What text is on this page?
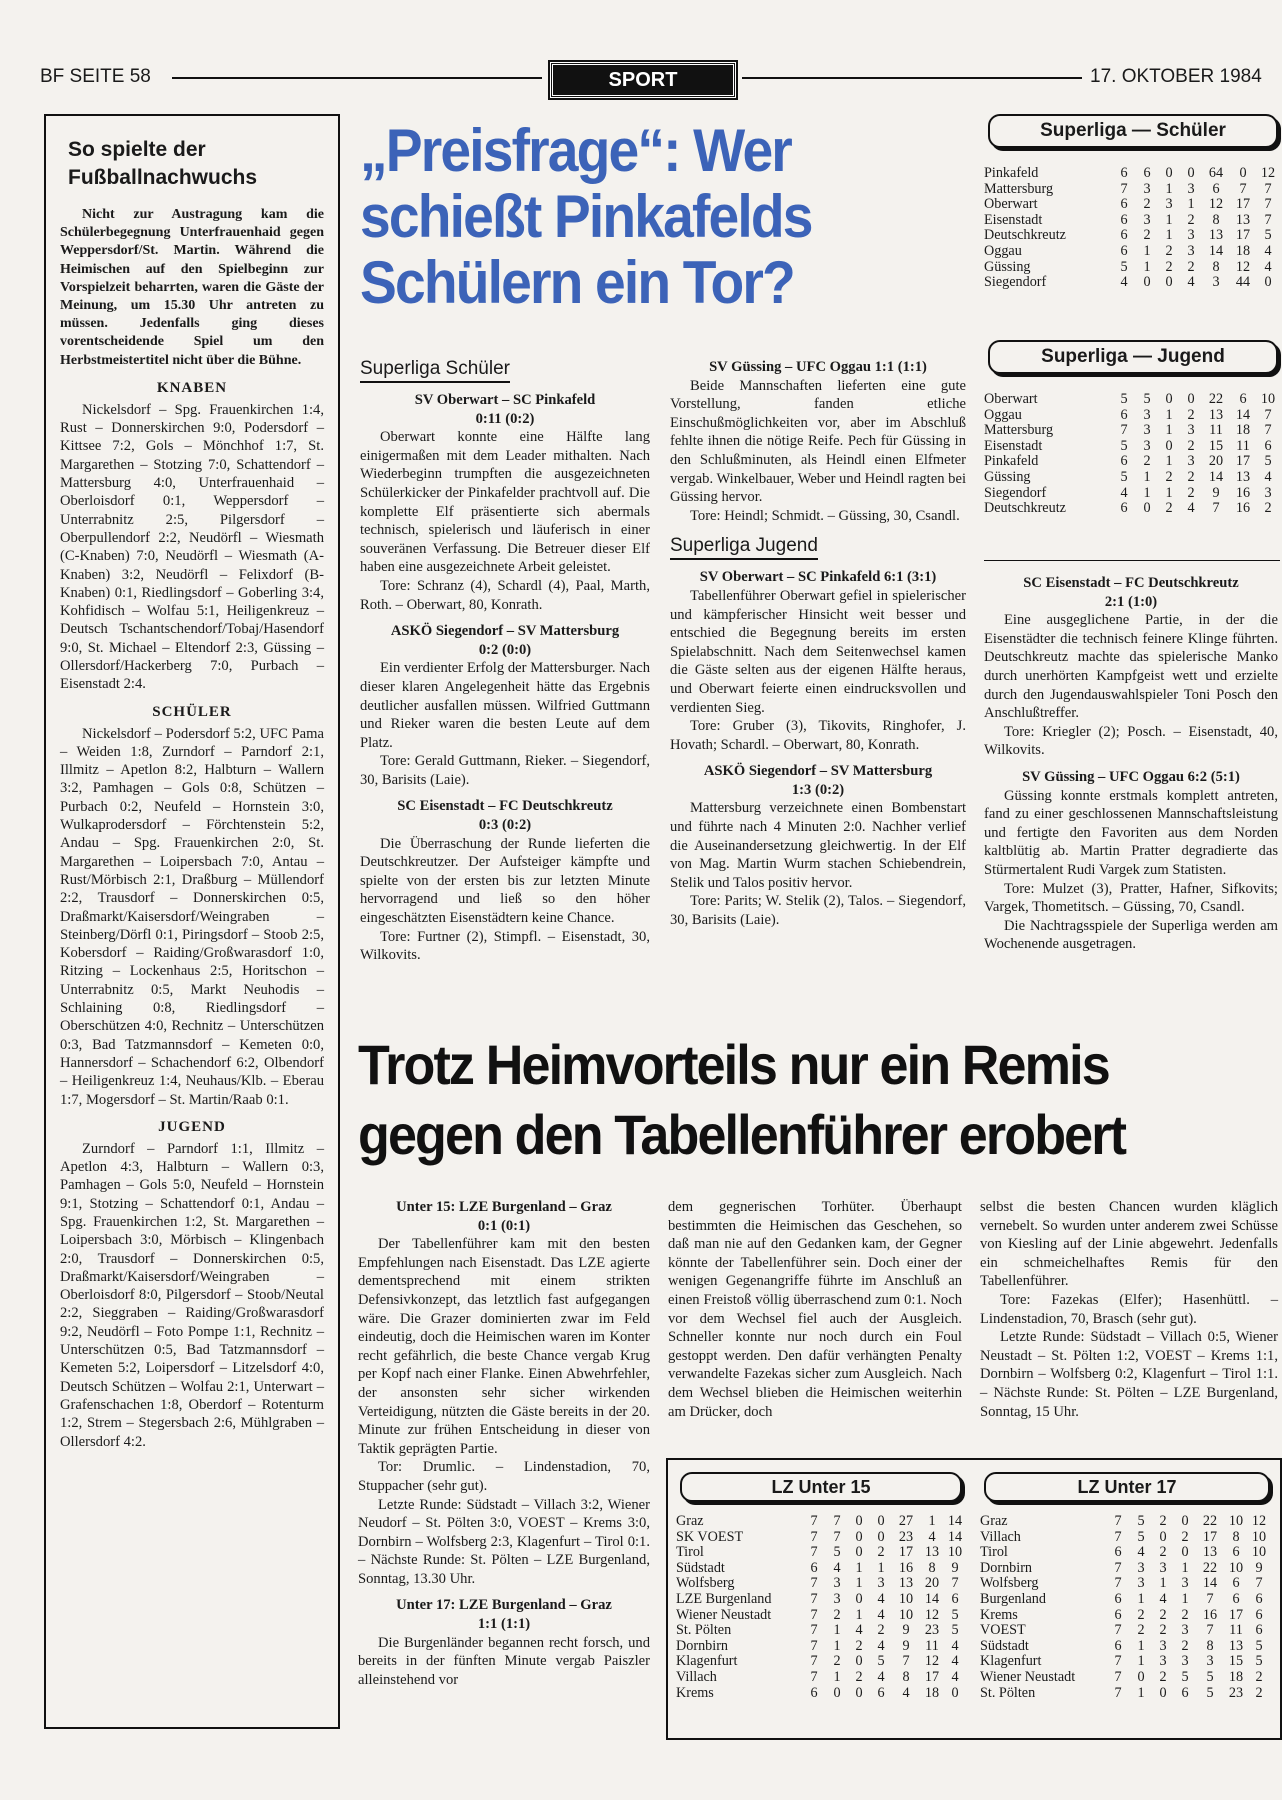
BF SEITE 58	SPORT	17. OKTOBER 1984
So spielte der
Fußballnachwuchs

Nicht zur Austragung kam die Schülerbegegnung Unterfrauenhaid gegen Weppersdorf/St. Martin. Während die Heimischen auf den Spielbeginn zur Vorspielzeit beharrten, waren die Gäste der Meinung, um 15.30 Uhr antreten zu müssen. Jedenfalls ging dieses vorentscheidende Spiel um den Herbstmeistertitel nicht über die Bühne.

KNABEN

Nickelsdorf – Spg. Frauenkirchen 1:4, Rust – Donnerskirchen 9:0, Podersdorf – Kittsee 7:2, Gols – Mönchhof 1:7, St. Margarethen – Stotzing 7:0, Schattendorf – Mattersburg 4:0, Unterfrauenhaid – Oberloisdorf 0:1, Weppersdorf – Unterrabnitz 2:5, Pilgersdorf – Oberpullendorf 2:2, Neudörfl – Wiesmath (C-Knaben) 7:0, Neudörfl – Wiesmath (A-Knaben) 3:2, Neudörfl – Felixdorf (B-Knaben) 0:1, Riedlingsdorf – Goberling 3:4, Kohfidisch – Wolfau 5:1, Heiligenkreuz – Deutsch Tschantschendorf/Tobaj/Hasendorf 9:0, St. Michael – Eltendorf 2:3, Güssing – Ollersdorf/Hackerberg 7:0, Purbach – Eisenstadt 2:4.

SCHÜLER

Nickelsdorf – Podersdorf 5:2, UFC Pama – Weiden 1:8, Zurndorf – Parndorf 2:1, Illmitz – Apetlon 8:2, Halbturn – Wallern 3:2, Pamhagen – Gols 0:8, Schützen – Purbach 0:2, Neufeld – Hornstein 3:0, Wulkaprodersdorf – Förchtenstein 5:2, Andau – Spg. Frauenkirchen 2:0, St. Margarethen – Loipersbach 7:0, Antau – Rust/Mörbisch 2:1, Draßburg – Müllendorf 2:2, Trausdorf – Donnerskirchen 0:5, Draßmarkt/Kaisersdorf/Weingraben – Steinberg/Dörfl 0:1, Piringsdorf – Stoob 2:5, Kobersdorf – Raiding/Großwarasdorf 1:0, Ritzing – Lockenhaus 2:5, Horitschon – Unterrabnitz 0:5, Markt Neuhodis – Schlaining 0:8, Riedlingsdorf – Oberschützen 4:0, Rechnitz – Unterschützen 0:3, Bad Tatzmannsdorf – Kemeten 0:0, Hannersdorf – Schachendorf 6:2, Olbendorf – Heiligenkreuz 1:4, Neuhaus/Klb. – Eberau 1:7, Mogersdorf – St. Martin/Raab 0:1.

JUGEND

Zurndorf – Parndorf 1:1, Illmitz – Apetlon 4:3, Halbturn – Wallern 0:3, Pamhagen – Gols 5:0, Neufeld – Hornstein 9:1, Stotzing – Schattendorf 0:1, Andau – Spg. Frauenkirchen 1:2, St. Margarethen – Loipersbach 3:0, Mörbisch – Klingenbach 2:0, Trausdorf – Donnerskirchen 0:5, Draßmarkt/Kaisersdorf/Weingraben – Oberloisdorf 8:0, Pilgersdorf – Stoob/Neutal 2:2, Sieggraben – Raiding/Großwarasdorf 9:2, Neudörfl – Foto Pompe 1:1, Rechnitz – Unterschützen 0:5, Bad Tatzmannsdorf – Kemeten 5:2, Loipersdorf – Litzelsdorf 4:0, Deutsch Schützen – Wolfau 2:1, Unterwart – Grafenschachen 1:8, Oberdorf – Rotenturm 1:2, Strem – Stegersbach 2:6, Mühlgraben – Ollersdorf 4:2.

„Preisfrage“: Wer
schießt Pinkafelds
Schülern ein Tor?
Superliga Schüler
SV Oberwart – SC Pinkafeld
0:11 (0:2)

Oberwart konnte eine Hälfte lang einigermaßen mit dem Leader mithalten. Nach Wiederbeginn trumpften die ausgezeichneten Schülerkicker der Pinkafelder prachtvoll auf. Die komplette Elf präsentierte sich abermals technisch, spielerisch und läuferisch in einer souveränen Verfassung. Die Betreuer dieser Elf haben eine ausgezeichnete Arbeit geleistet.

Tore: Schranz (4), Schardl (4), Paal, Marth, Roth. – Oberwart, 80, Konrath.

ASKÖ Siegendorf – SV Mattersburg
0:2 (0:0)

Ein verdienter Erfolg der Mattersburger. Nach dieser klaren Angelegenheit hätte das Ergebnis deutlicher ausfallen müssen. Wilfried Guttmann und Rieker waren die besten Leute auf dem Platz.

Tore: Gerald Guttmann, Rieker. – Siegendorf, 30, Barisits (Laie).

SC Eisenstadt – FC Deutschkreutz
0:3 (0:2)

Die Überraschung der Runde lieferten die Deutschkreutzer. Der Aufsteiger kämpfte und spielte von der ersten bis zur letzten Minute hervorragend und ließ so den höher eingeschätzten Eisenstädtern keine Chance.

Tore: Furtner (2), Stimpfl. – Eisenstadt, 30, Wilkovits.

SV Güssing – UFC Oggau 1:1 (1:1)

Beide Mannschaften lieferten eine gute Vorstellung, fanden etliche Einschußmöglichkeiten vor, aber im Abschluß fehlte ihnen die nötige Reife. Pech für Güssing in den Schlußminuten, als Heindl einen Elfmeter vergab. Winkelbauer, Weber und Heindl ragten bei Güssing hervor.

Tore: Heindl; Schmidt. – Güssing, 30, Csandl.

Superliga Jugend
SV Oberwart – SC Pinkafeld 6:1 (3:1)

Tabellenführer Oberwart gefiel in spielerischer und kämpferischer Hinsicht weit besser und entschied die Begegnung bereits im ersten Spielabschnitt. Nach dem Seitenwechsel kamen die Gäste selten aus der eigenen Hälfte heraus, und Oberwart feierte einen eindrucksvollen und verdienten Sieg.

Tore: Gruber (3), Tikovits, Ringhofer, J. Hovath; Schardl. – Oberwart, 80, Konrath.

ASKÖ Siegendorf – SV Mattersburg
1:3 (0:2)

Mattersburg verzeichnete einen Bombenstart und führte nach 4 Minuten 2:0. Nachher verlief die Auseinandersetzung gleichwertig. In der Elf von Mag. Martin Wurm stachen Schiebendrein, Stelik und Talos positiv hervor.

Tore: Parits; W. Stelik (2), Talos. – Siegendorf, 30, Barisits (Laie).

Superliga — Schüler
Pinkafeld	6	6	0	0	64	0	12
Mattersburg	7	3	1	3	6	7	7
Oberwart	6	2	3	1	12	17	7
Eisenstadt	6	3	1	2	8	13	7
Deutschkreutz	6	2	1	3	13	17	5
Oggau	6	1	2	3	14	18	4
Güssing	5	1	2	2	8	12	4
Siegendorf	4	0	0	4	3	44	0
Superliga — Jugend
Oberwart	5	5	0	0	22	6	10
Oggau	6	3	1	2	13	14	7
Mattersburg	7	3	1	3	11	18	7
Eisenstadt	5	3	0	2	15	11	6
Pinkafeld	6	2	1	3	20	17	5
Güssing	5	1	2	2	14	13	4
Siegendorf	4	1	1	2	9	16	3
Deutschkreutz	6	0	2	4	7	16	2
SC Eisenstadt – FC Deutschkreutz
2:1 (1:0)

Eine ausgeglichene Partie, in der die Eisenstädter die technisch feinere Klinge führten. Deutschkreutz machte das spielerische Manko durch unerhörten Kampfgeist wett und erzielte durch den Jugendauswahlspieler Toni Posch den Anschlußtreffer.

Tore: Kriegler (2); Posch. – Eisenstadt, 40, Wilkovits.

SV Güssing – UFC Oggau 6:2 (5:1)

Güssing konnte erstmals komplett antreten, fand zu einer geschlossenen Mannschaftsleistung und fertigte den Favoriten aus dem Norden kaltblütig ab. Martin Pratter degradierte das Stürmertalent Rudi Vargek zum Statisten.

Tore: Mulzet (3), Pratter, Hafner, Sifkovits; Vargek, Thometitsch. – Güssing, 70, Csandl.

Die Nachtragsspiele der Superliga werden am Wochenende ausgetragen.

Trotz Heimvorteils nur ein Remis
gegen den Tabellenführer erobert
Unter 15: LZE Burgenland – Graz
0:1 (0:1)

Der Tabellenführer kam mit den besten Empfehlungen nach Eisenstadt. Das LZE agierte dementsprechend mit einem strikten Defensivkonzept, das letztlich fast aufgegangen wäre. Die Grazer dominierten zwar im Feld eindeutig, doch die Heimischen waren im Konter recht gefährlich, die beste Chance vergab Krug per Kopf nach einer Flanke. Einen Abwehrfehler, der ansonsten sehr sicher wirkenden Verteidigung, nützten die Gäste bereits in der 20. Minute zur frühen Entscheidung in dieser von Taktik geprägten Partie.

Tor: Drumlic. – Lindenstadion, 70, Stuppacher (sehr gut).

Letzte Runde: Südstadt – Villach 3:2, Wiener Neudorf – St. Pölten 3:0, VOEST – Krems 3:0, Dornbirn – Wolfsberg 2:3, Klagenfurt – Tirol 0:1. – Nächste Runde: St. Pölten – LZE Burgenland, Sonntag, 13.30 Uhr.

Unter 17: LZE Burgenland – Graz
1:1 (1:1)

Die Burgenländer begannen recht forsch, und bereits in der fünften Minute vergab Paiszler alleinstehend vor

dem gegnerischen Torhüter. Überhaupt bestimmten die Heimischen das Geschehen, so daß man nie auf den Gedanken kam, der Gegner könnte der Tabellenführer sein. Doch einer der wenigen Gegenangriffe führte im Anschluß an einen Freistoß völlig überraschend zum 0:1. Noch vor dem Wechsel fiel auch der Ausgleich. Schneller konnte nur noch durch ein Foul gestoppt werden. Den dafür verhängten Penalty verwandelte Fazekas sicher zum Ausgleich. Nach dem Wechsel blieben die Heimischen weiterhin am Drücker, doch

selbst die besten Chancen wurden kläglich vernebelt. So wurden unter anderem zwei Schüsse von Kiesling auf der Linie abgewehrt. Jedenfalls ein schmeichelhaftes Remis für den Tabellenführer.

Tore: Fazekas (Elfer); Hasenhüttl. – Lindenstadion, 70, Brasch (sehr gut).

Letzte Runde: Südstadt – Villach 0:5, Wiener Neustadt – St. Pölten 1:2, VOEST – Krems 1:1, Dornbirn – Wolfsberg 0:2, Klagenfurt – Tirol 1:1. – Nächste Runde: St. Pölten – LZE Burgenland, Sonntag, 15 Uhr.

LZ Unter 15
Graz	7	7	0	0	27	1	14
SK VOEST	7	7	0	0	23	4	14
Tirol	7	5	0	2	17	13	10
Südstadt	6	4	1	1	16	8	9
Wolfsberg	7	3	1	3	13	20	7
LZE Burgenland	7	3	0	4	10	14	6
Wiener Neustadt	7	2	1	4	10	12	5
St. Pölten	7	1	4	2	9	23	5
Dornbirn	7	1	2	4	9	11	4
Klagenfurt	7	2	0	5	7	12	4
Villach	7	1	2	4	8	17	4
Krems	6	0	0	6	4	18	0
LZ Unter 17
Graz	7	5	2	0	22	10	12
Villach	7	5	0	2	17	8	10
Tirol	6	4	2	0	13	6	10
Dornbirn	7	3	3	1	22	10	9
Wolfsberg	7	3	1	3	14	6	7
Burgenland	6	1	4	1	7	6	6
Krems	6	2	2	2	16	17	6
VOEST	7	2	2	3	7	11	6
Südstadt	6	1	3	2	8	13	5
Klagenfurt	7	1	3	3	3	15	5
Wiener Neustadt	7	0	2	5	5	18	2
St. Pölten	7	1	0	6	5	23	2
